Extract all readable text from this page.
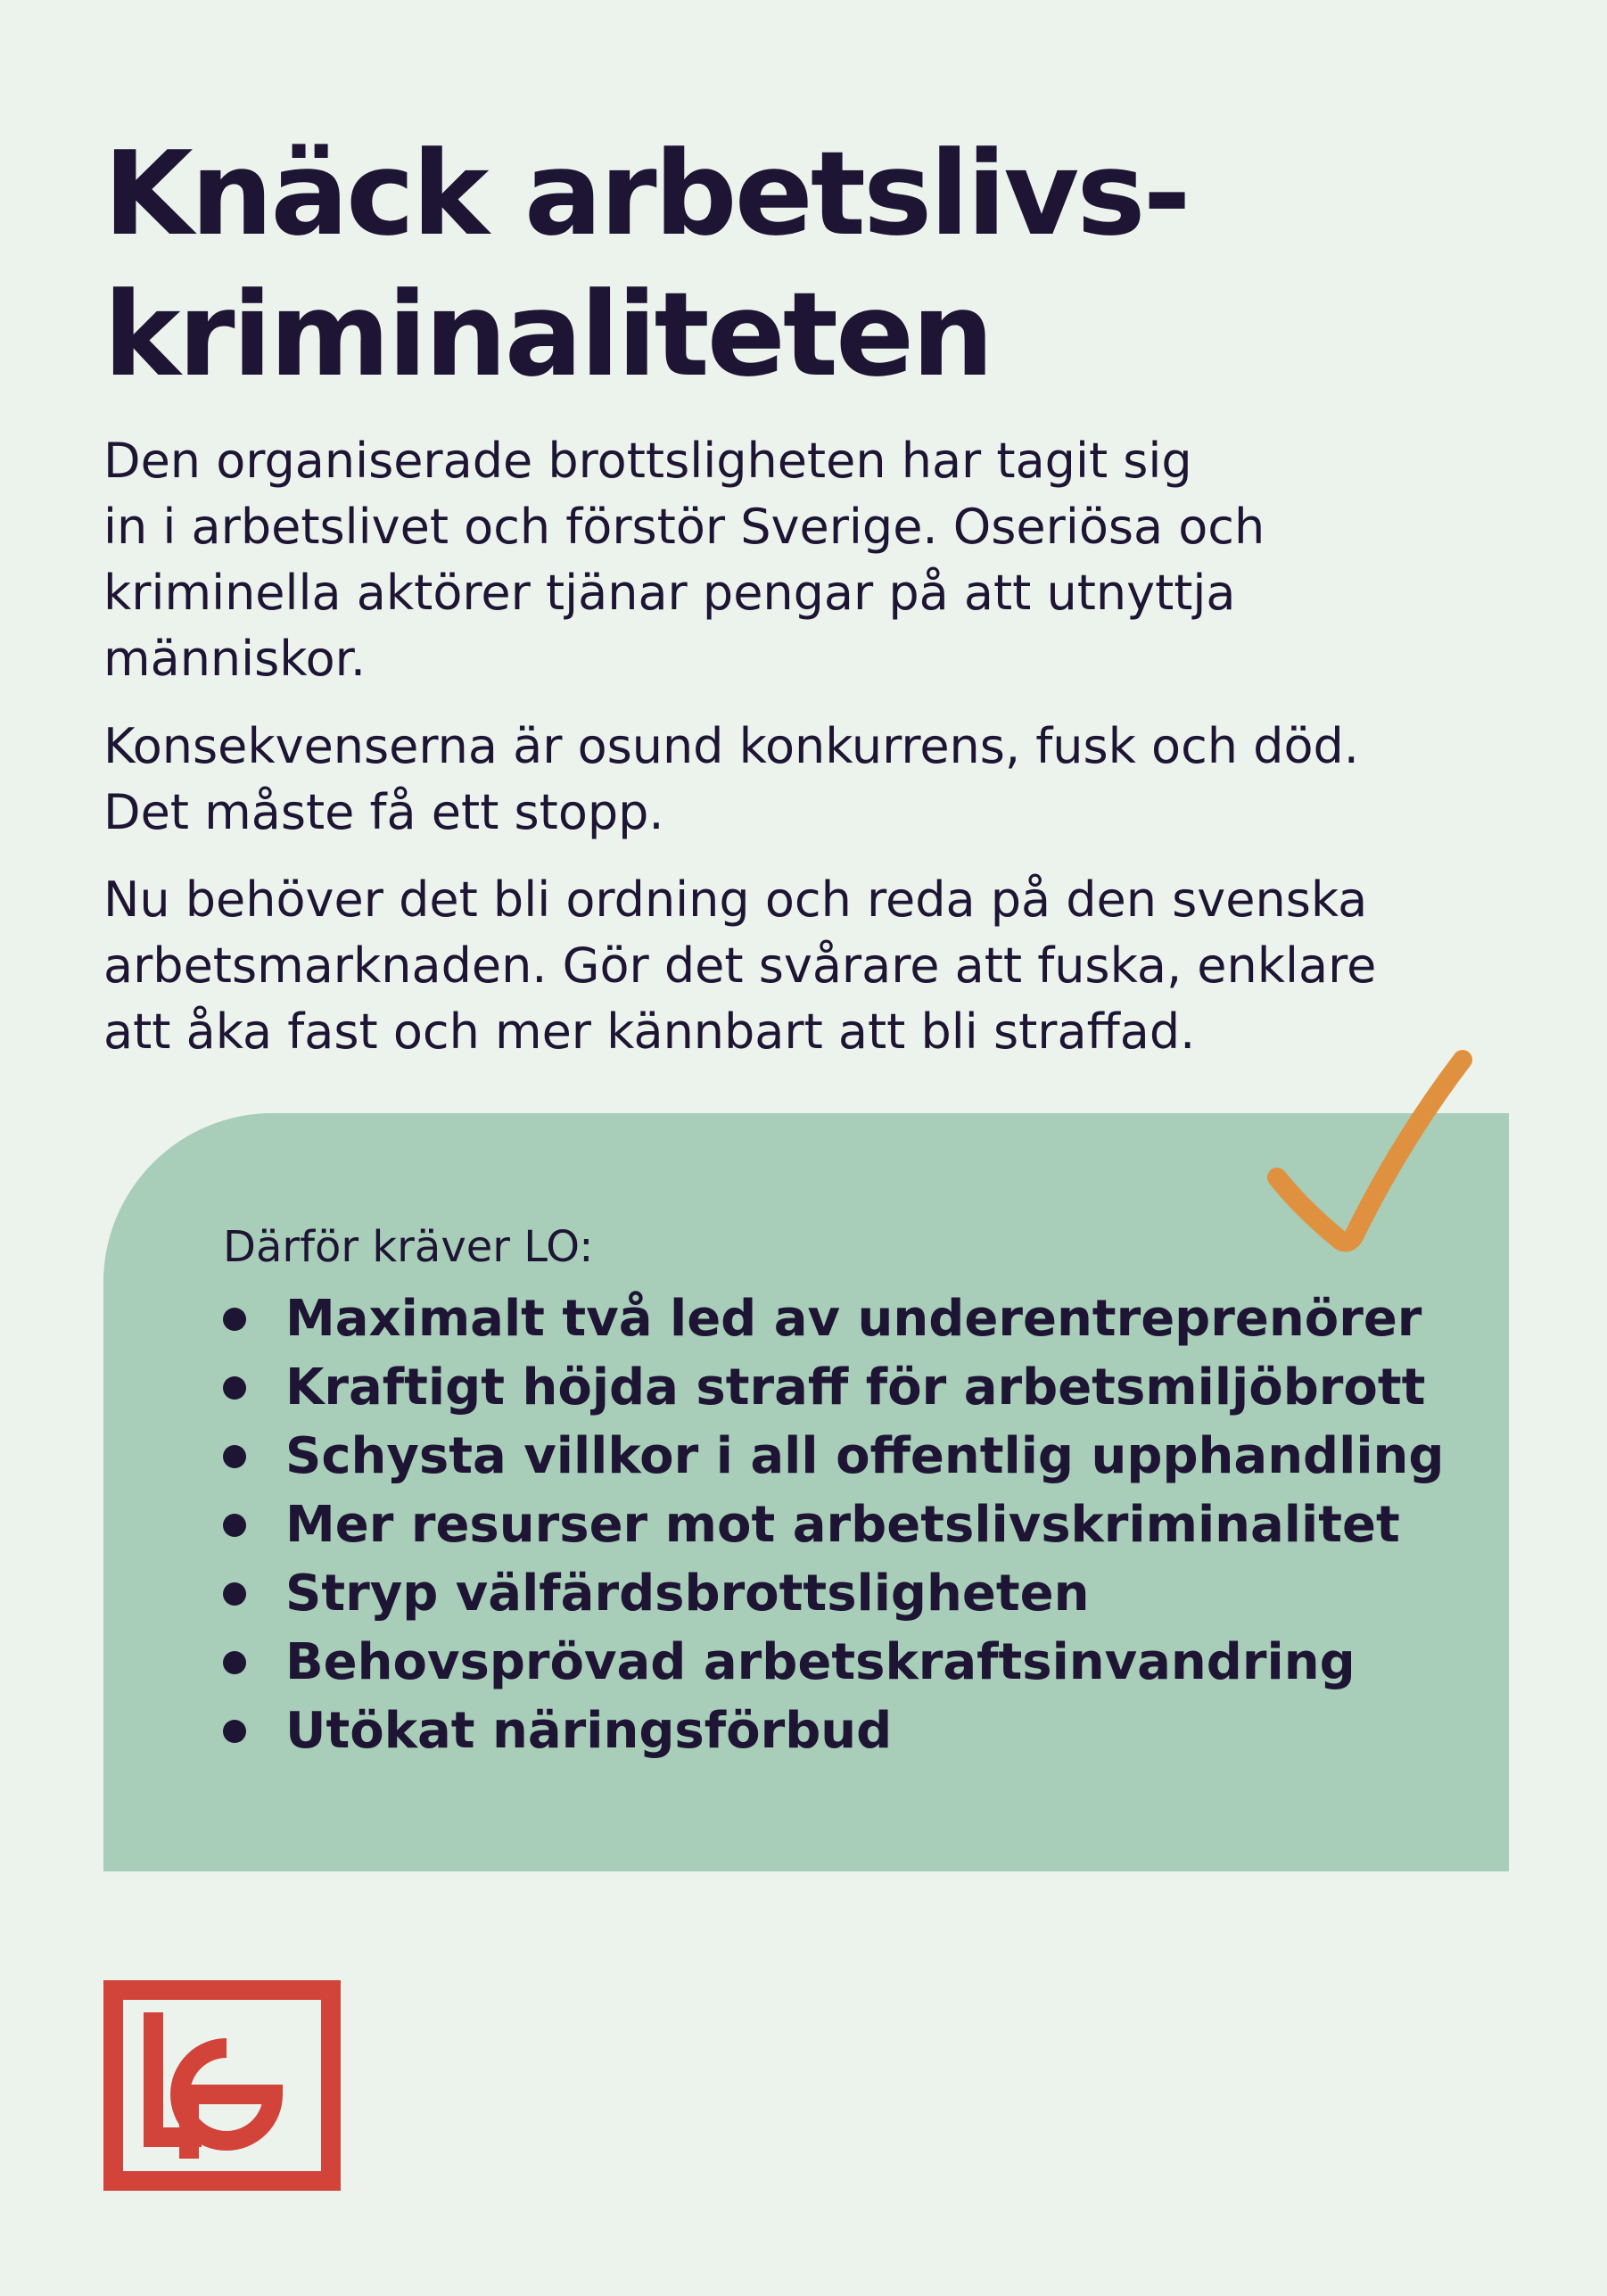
Knäck arbetslivs-
kriminaliteten

Den organiserade brottsligheten har tagit sig
in i arbetslivet och förstör Sverige. Oseriösa och
kriminella aktörer tjänar pengar på att utnyttja
människor.

Konsekvenserna är osund konkurrens, fusk och död.
Det måste få ett stopp.

Nu behöver det bli ordning och reda på den svenska
arbetsmarknaden. Gör det svårare att fuska, enklare
att åka fast och mer kännbart att bli straffad.

Därför kräver LO:
Maximalt två led av underentreprenörer
Kraftigt höjda straff för arbetsmiljöbrott
Schysta villkor i all offentlig upphandling
Mer resurser mot arbetslivskriminalitet
Stryp välfärdsbrottsligheten
Behovsprövad arbetskraftsinvandring
Utökat näringsförbud
